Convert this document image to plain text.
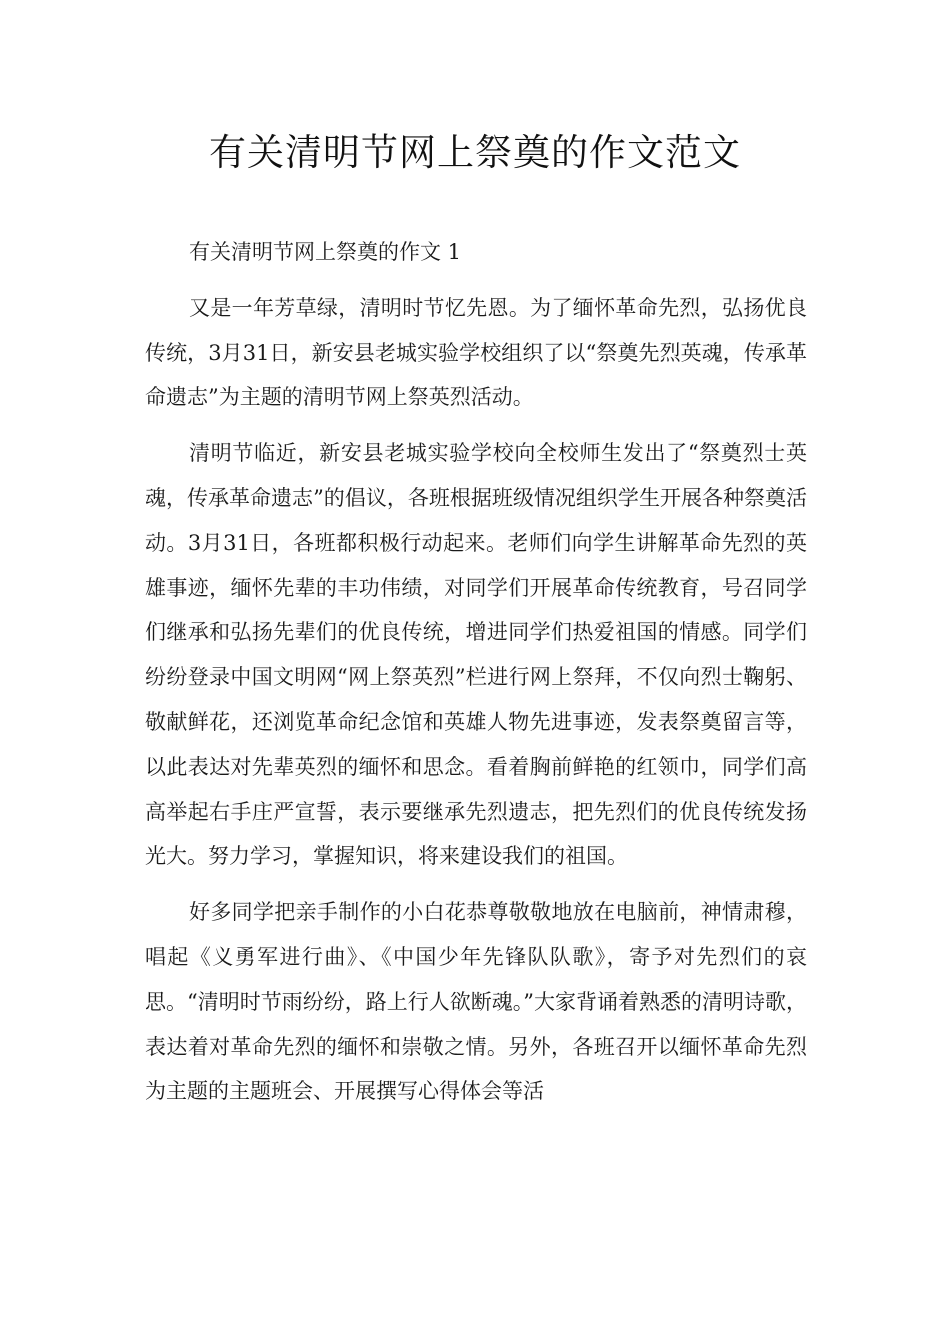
有关清明节网上祭奠的作文范文

有关清明节网上祭奠的作文 1

又是一年芳草绿，清明时节忆先恩。为了缅怀革命先烈，弘扬优良传统，3月31日，新安县老城实验学校组织了以“祭奠先烈英魂，传承革命遗志”为主题的清明节网上祭英烈活动。

清明节临近，新安县老城实验学校向全校师生发出了“祭奠烈士英魂，传承革命遗志”的倡议，各班根据班级情况组织学生开展各种祭奠活动。3月31日，各班都积极行动起来。老师们向学生讲解革命先烈的英雄事迹，缅怀先辈的丰功伟绩，对同学们开展革命传统教育，号召同学们继承和弘扬先辈们的优良传统，增进同学们热爱祖国的情感。同学们纷纷登录中国文明网“网上祭英烈”栏进行网上祭拜，不仅向烈士鞠躬、敬献鲜花，还浏览革命纪念馆和英雄人物先进事迹，发表祭奠留言等，以此表达对先辈英烈的缅怀和思念。看着胸前鲜艳的红领巾，同学们高高举起右手庄严宣誓，表示要继承先烈遗志，把先烈们的优良传统发扬光大。努力学习，掌握知识，将来建设我们的祖国。

好多同学把亲手制作的小白花恭尊敬敬地放在电脑前，神情肃穆，唱起《义勇军进行曲》、《中国少年先锋队队歌》，寄予对先烈们的哀思。“清明时节雨纷纷，路上行人欲断魂。”大家背诵着熟悉的清明诗歌，表达着对革命先烈的缅怀和崇敬之情。另外，各班召开以缅怀革命先烈为主题的主题班会、开展撰写心得体会等活
